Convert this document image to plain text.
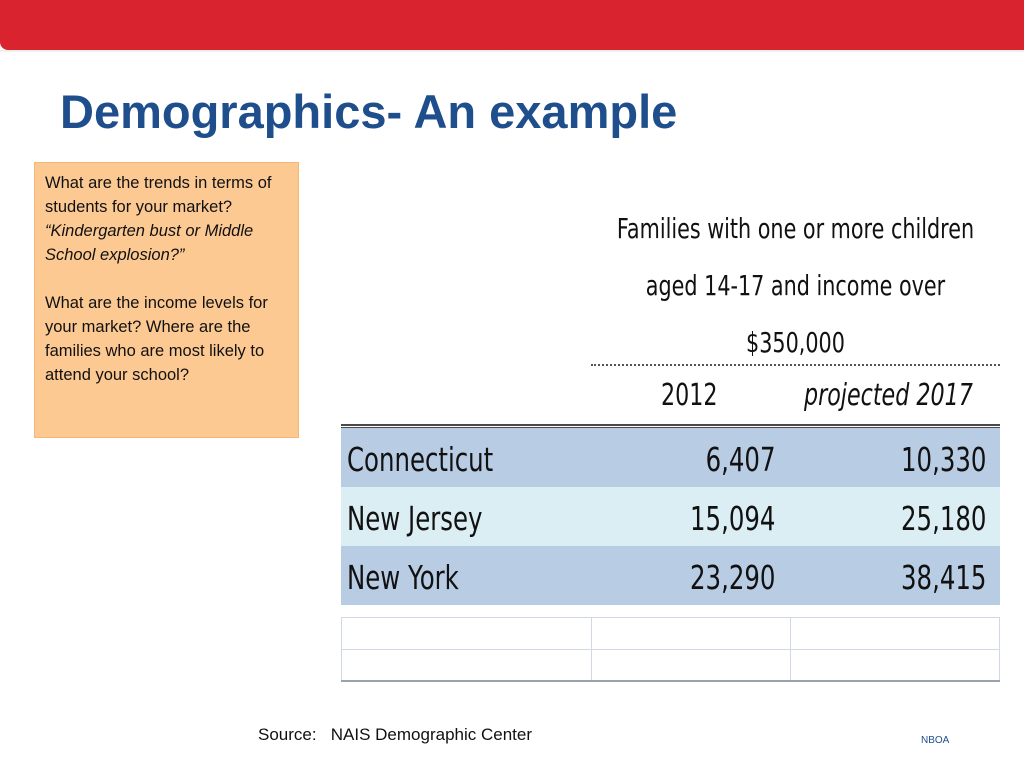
Demographics- An example

What are the trends in terms of students for your market? “Kindergarten bust or Middle School explosion?”

What are the income levels for your market? Where are the families who are most likely to attend your school?

Families with one or more children
aged 14-17 and income over
$350,000
2012	projected 2017
Connecticut	6,407	10,330
New Jersey	15,094	25,180
New York	23,290	38,415
Source:   NAIS Demographic Center	NBOA
